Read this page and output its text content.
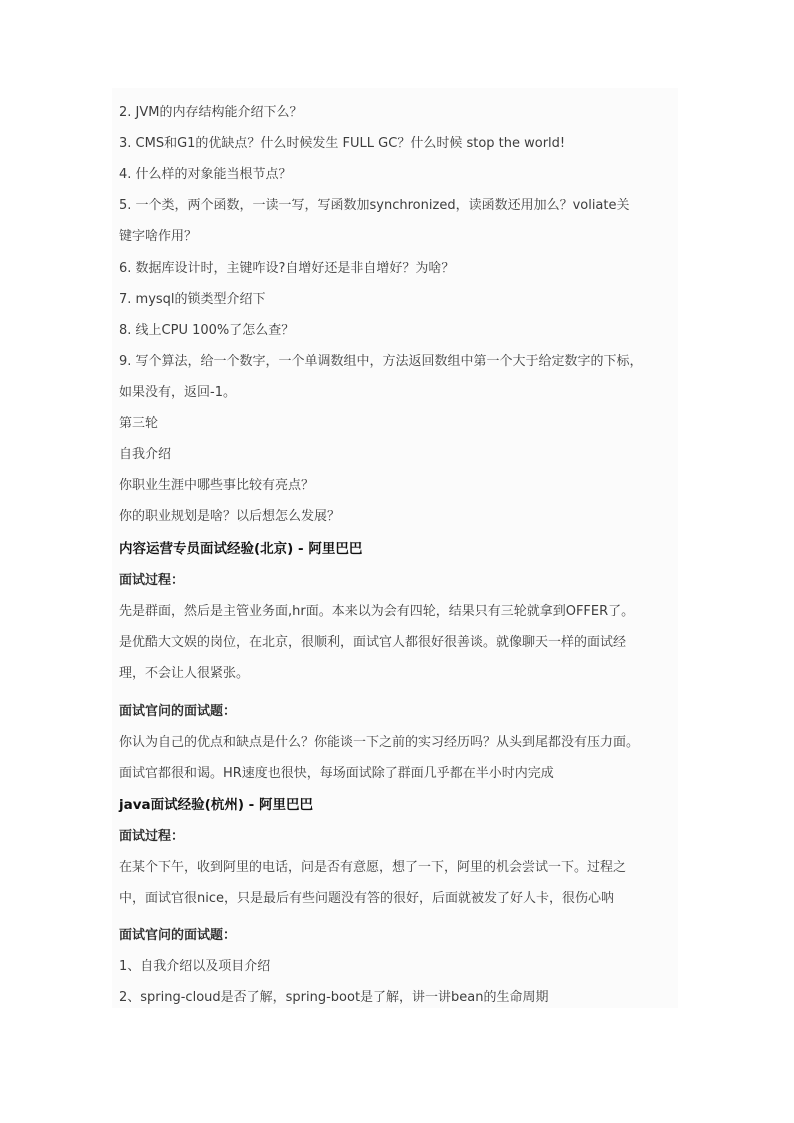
2. JVM的内存结构能介绍下么？
3. CMS和G1的优缺点？什么时候发生 FULL GC？什么时候 stop the world!
4. 什么样的对象能当根节点？
5. 一个类，两个函数，一读一写，写函数加synchronized，读函数还用加么？voliate关
键字啥作用？
6. 数据库设计时，主键咋设?自增好还是非自增好？为啥？
7. mysql的锁类型介绍下
8. 线上CPU 100%了怎么查？
9. 写个算法，给一个数字，一个单调数组中，方法返回数组中第一个大于给定数字的下标，
如果没有，返回-1。
第三轮
自我介绍
你职业生涯中哪些事比较有亮点？
你的职业规划是啥？以后想怎么发展？
内容运营专员面试经验(北京) - 阿里巴巴
面试过程：
先是群面，然后是主管业务面,hr面。本来以为会有四轮，结果只有三轮就拿到OFFER了。
是优酷大文娱的岗位，在北京，很顺利，面试官人都很好很善谈。就像聊天一样的面试经
理，不会让人很紧张。
面试官问的面试题：
你认为自己的优点和缺点是什么？你能谈一下之前的实习经历吗？从头到尾都没有压力面。
面试官都很和谒。HR速度也很快，每场面试除了群面几乎都在半小时内完成
java面试经验(杭州) - 阿里巴巴
面试过程：
在某个下午，收到阿里的电话，问是否有意愿，想了一下，阿里的机会尝试一下。过程之
中，面试官很nice，只是最后有些问题没有答的很好，后面就被发了好人卡，很伤心呐
面试官问的面试题：
1、自我介绍以及项目介绍
2、spring-cloud是否了解，spring-boot是了解，讲一讲bean的生命周期
